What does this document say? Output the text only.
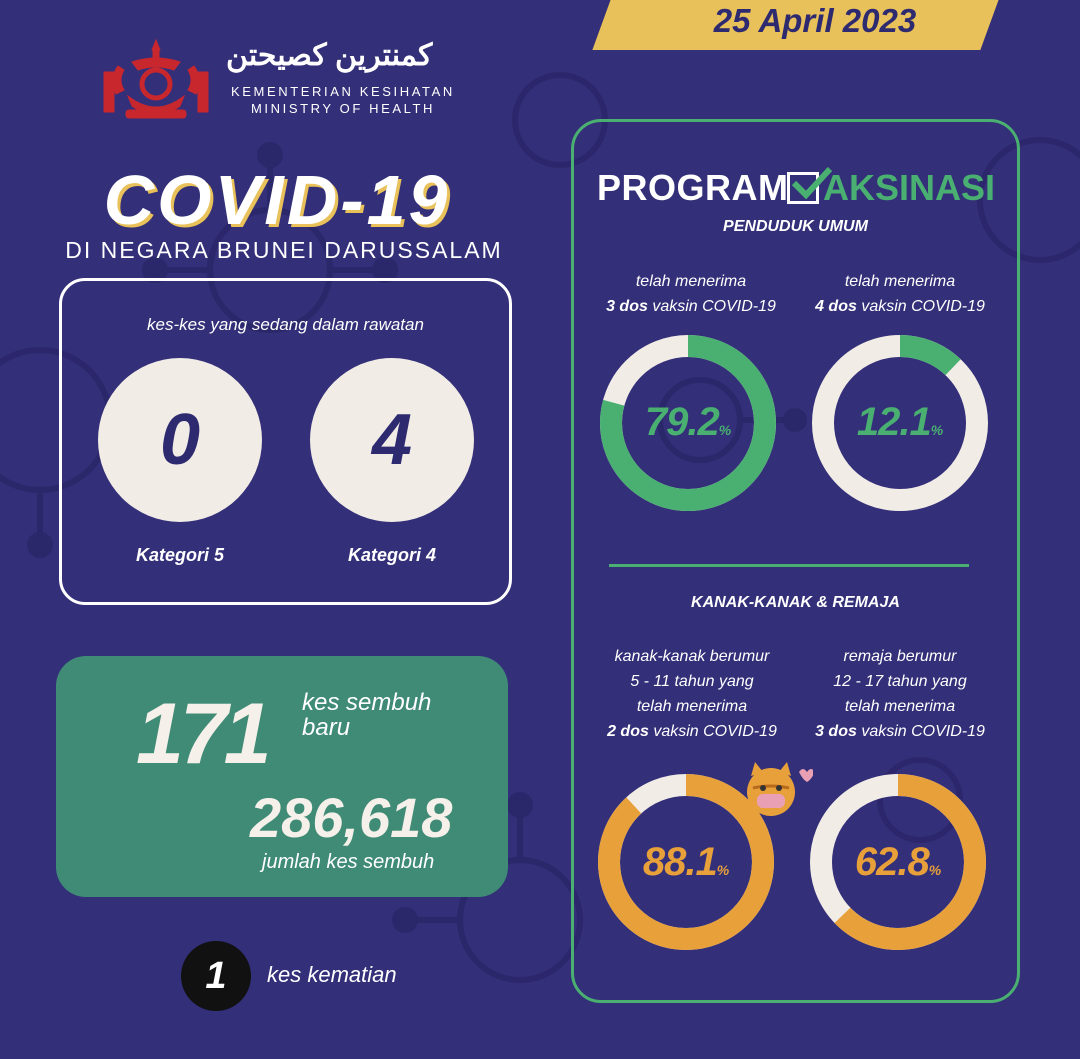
25 April 2023
كمنترين كصيحتن
KEMENTERIAN KESIHATAN
MINISTRY OF HEALTH
COVID-19
DI NEGARA BRUNEI DARUSSALAM
kes-kes yang sedang dalam rawatan
0	4
Kategori 5	Kategori 4
171 kes sembuh baru
286,618
jumlah kes sembuh
1	kes kematian
PROGRAM AKSINASI
PENDUDUK UMUM
telah menerima
3 dos vaksin COVID-19
telah menerima
4 dos vaksin COVID-19
79.2%	12.1%
KANAK-KANAK & REMAJA
kanak-kanak berumur
5 - 11 tahun yang
telah menerima
2 dos vaksin COVID-19
remaja berumur
12 - 17 tahun yang
telah menerima
3 dos vaksin COVID-19
88.1%	62.8%
